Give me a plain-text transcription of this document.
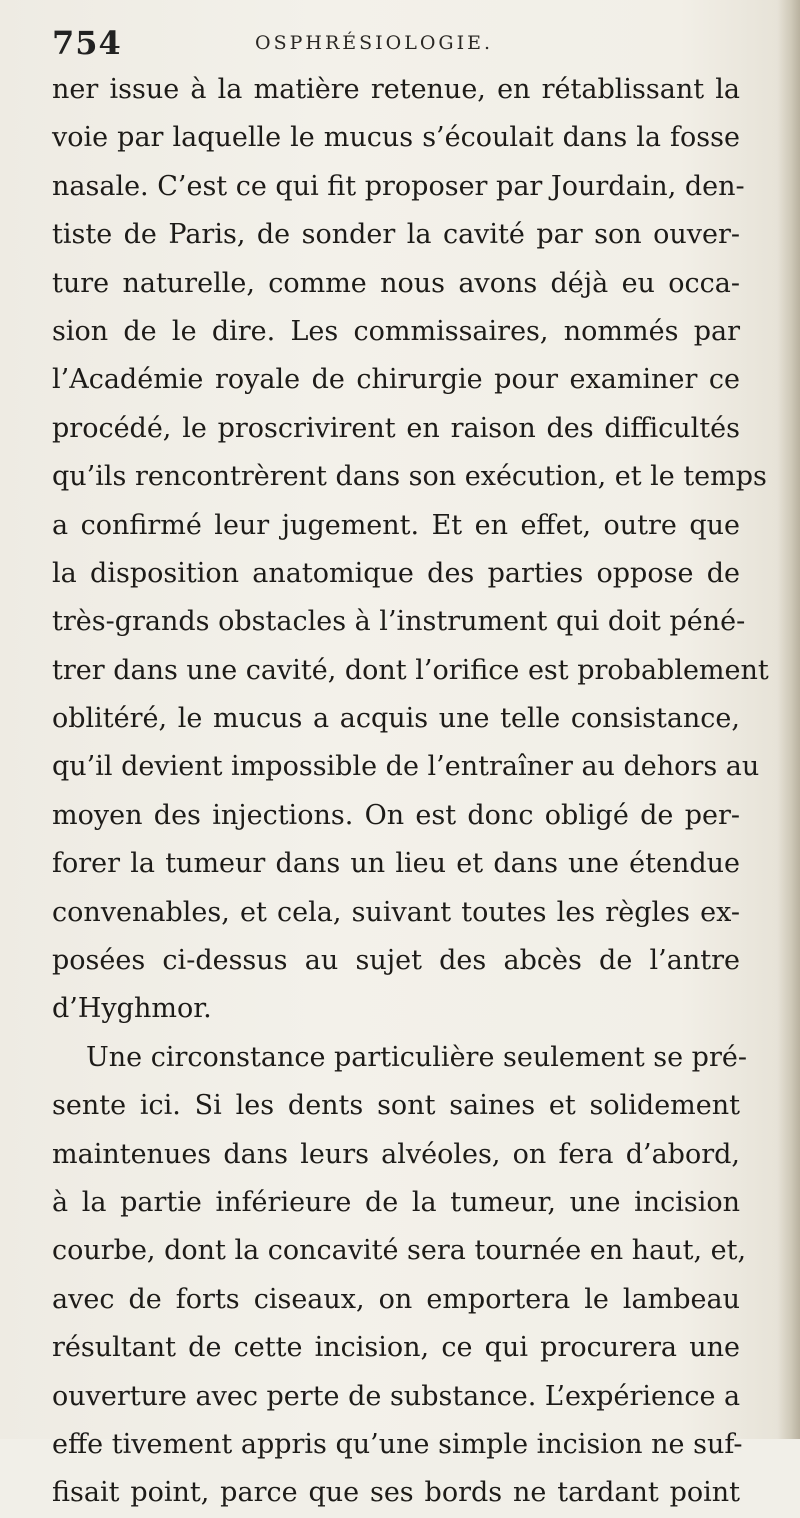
754	OSPHRÉSIOLOGIE.
ner issue à la matière retenue, en rétablissant la
voie par laquelle le mucus s’écoulait dans la fosse
nasale. C’est ce qui fit proposer par Jourdain, den-
tiste de Paris, de sonder la cavité par son ouver-
ture naturelle, comme nous avons déjà eu occa-
sion de le dire. Les commissaires, nommés par
l’Académie royale de chirurgie pour examiner ce
procédé, le proscrivirent en raison des difficultés
qu’ils rencontrèrent dans son exécution, et le temps
a confirmé leur jugement. Et en effet, outre que
la disposition anatomique des parties oppose de
très-grands obstacles à l’instrument qui doit péné-
trer dans une cavité, dont l’orifice est probablement
oblitéré, le mucus a acquis une telle consistance,
qu’il devient impossible de l’entraîner au dehors au
moyen des injections. On est donc obligé de per-
forer la tumeur dans un lieu et dans une étendue
convenables, et cela, suivant toutes les règles ex-
posées ci-dessus au sujet des abcès de l’antre
d’Hyghmor.
Une circonstance particulière seulement se pré-
sente ici. Si les dents sont saines et solidement
maintenues dans leurs alvéoles, on fera d’abord,
à la partie inférieure de la tumeur, une incision
courbe, dont la concavité sera tournée en haut, et,
avec de forts ciseaux, on emportera le lambeau
résultant de cette incision, ce qui procurera une
ouverture avec perte de substance. L’expérience a
effe tivement appris qu’une simple incision ne suf-
fisait point, parce que ses bords ne tardant point
